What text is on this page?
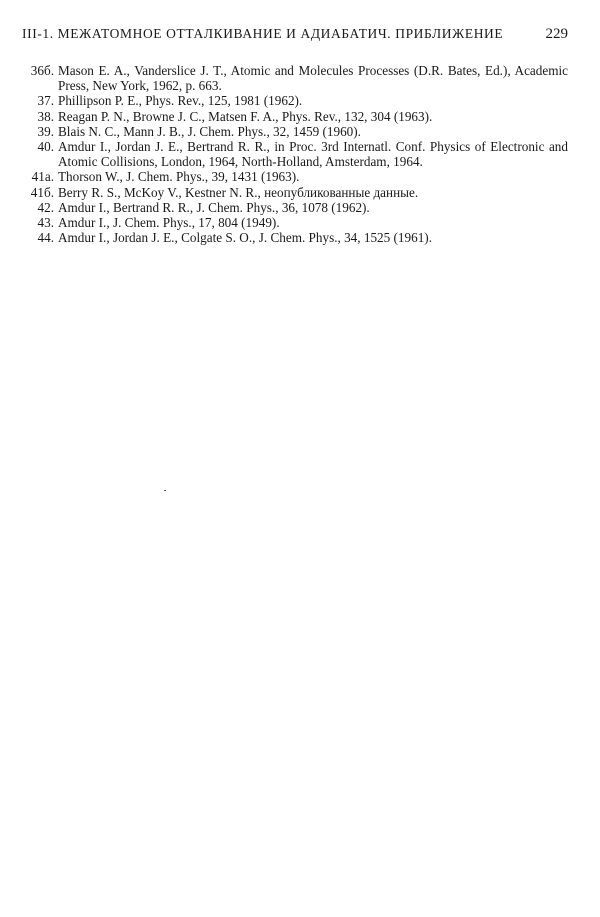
III-1. МЕЖАТОМНОЕ ОТТАЛКИВАНИЕ И АДИАБАТИЧ. ПРИБЛИЖЕНИЕ	229
36б. Mason E. A., Vanderslice J. T., Atomic and Molecules Processes (D.R. Bates, Ed.), Academic Press, New York, 1962, p. 663.
37. Phillipson P. E., Phys. Rev., 125, 1981 (1962).
38. Reagan P. N., Browne J. C., Matsen F. A., Phys. Rev., 132, 304 (1963).
39. Blais N. C., Mann J. B., J. Chem. Phys., 32, 1459 (1960).
40. Amdur I., Jordan J. E., Bertrand R. R., in Proc. 3rd Internatl. Conf. Physics of Electronic and Atomic Collisions, London, 1964, North-Holland, Amsterdam, 1964.
41а. Thorson W., J. Chem. Phys., 39, 1431 (1963).
41б. Berry R. S., McKoy V., Kestner N. R., неопубликованные данные.
42. Amdur I., Bertrand R. R., J. Chem. Phys., 36, 1078 (1962).
43. Amdur I., J. Chem. Phys., 17, 804 (1949).
44. Amdur I., Jordan J. E., Colgate S. O., J. Chem. Phys., 34, 1525 (1961).
